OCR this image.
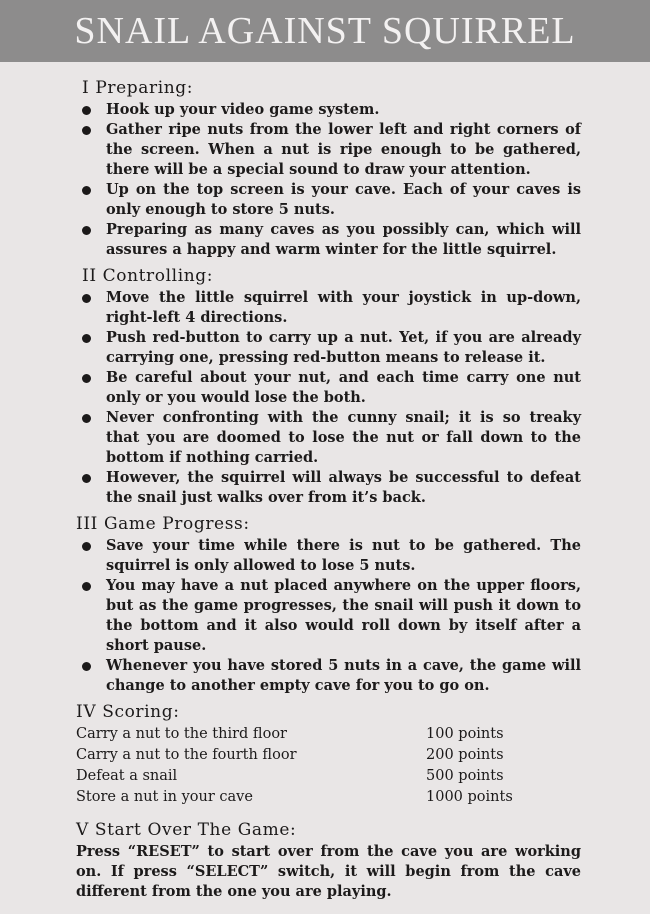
SNAIL AGAINST SQUIRREL
I Preparing:
Hook up your video game system.
Gather ripe nuts from the lower left and right corners of the screen. When a nut is ripe enough to be gathered, there will be a special sound to draw your attention.
Up on the top screen is your cave. Each of your caves is only enough to store 5 nuts.
Preparing as many caves as you possibly can, which will assures a happy and warm winter for the little squirrel.
II Controlling:
Move the little squirrel with your joystick in up-down, right-left 4 directions.
Push red-button to carry up a nut. Yet, if you are already carrying one, pressing red-button means to release it.
Be careful about your nut, and each time carry one nut only or you would lose the both.
Never confronting with the cunny snail; it is so treaky that you are doomed to lose the nut or fall down to the bottom if nothing carried.
However, the squirrel will always be successful to defeat the snail just walks over from it’s back.
III Game Progress:
Save your time while there is nut to be gathered. The squirrel is only allowed to lose 5 nuts.
You may have a nut placed anywhere on the upper floors, but as the game progresses, the snail will push it down to the bottom and it also would roll down by itself after a short pause.
Whenever you have stored 5 nuts in a cave, the game will change to another empty cave for you to go on.
IV Scoring:
Carry a nut to the third floor	100 points
Carry a nut to the fourth floor	200 points
Defeat a snail	500 points
Store a nut in your cave	1000 points
V Start Over The Game:
Press “RESET” to start over from the cave you are working on. If press “SELECT” switch, it will begin from the cave different from the one you are playing.
